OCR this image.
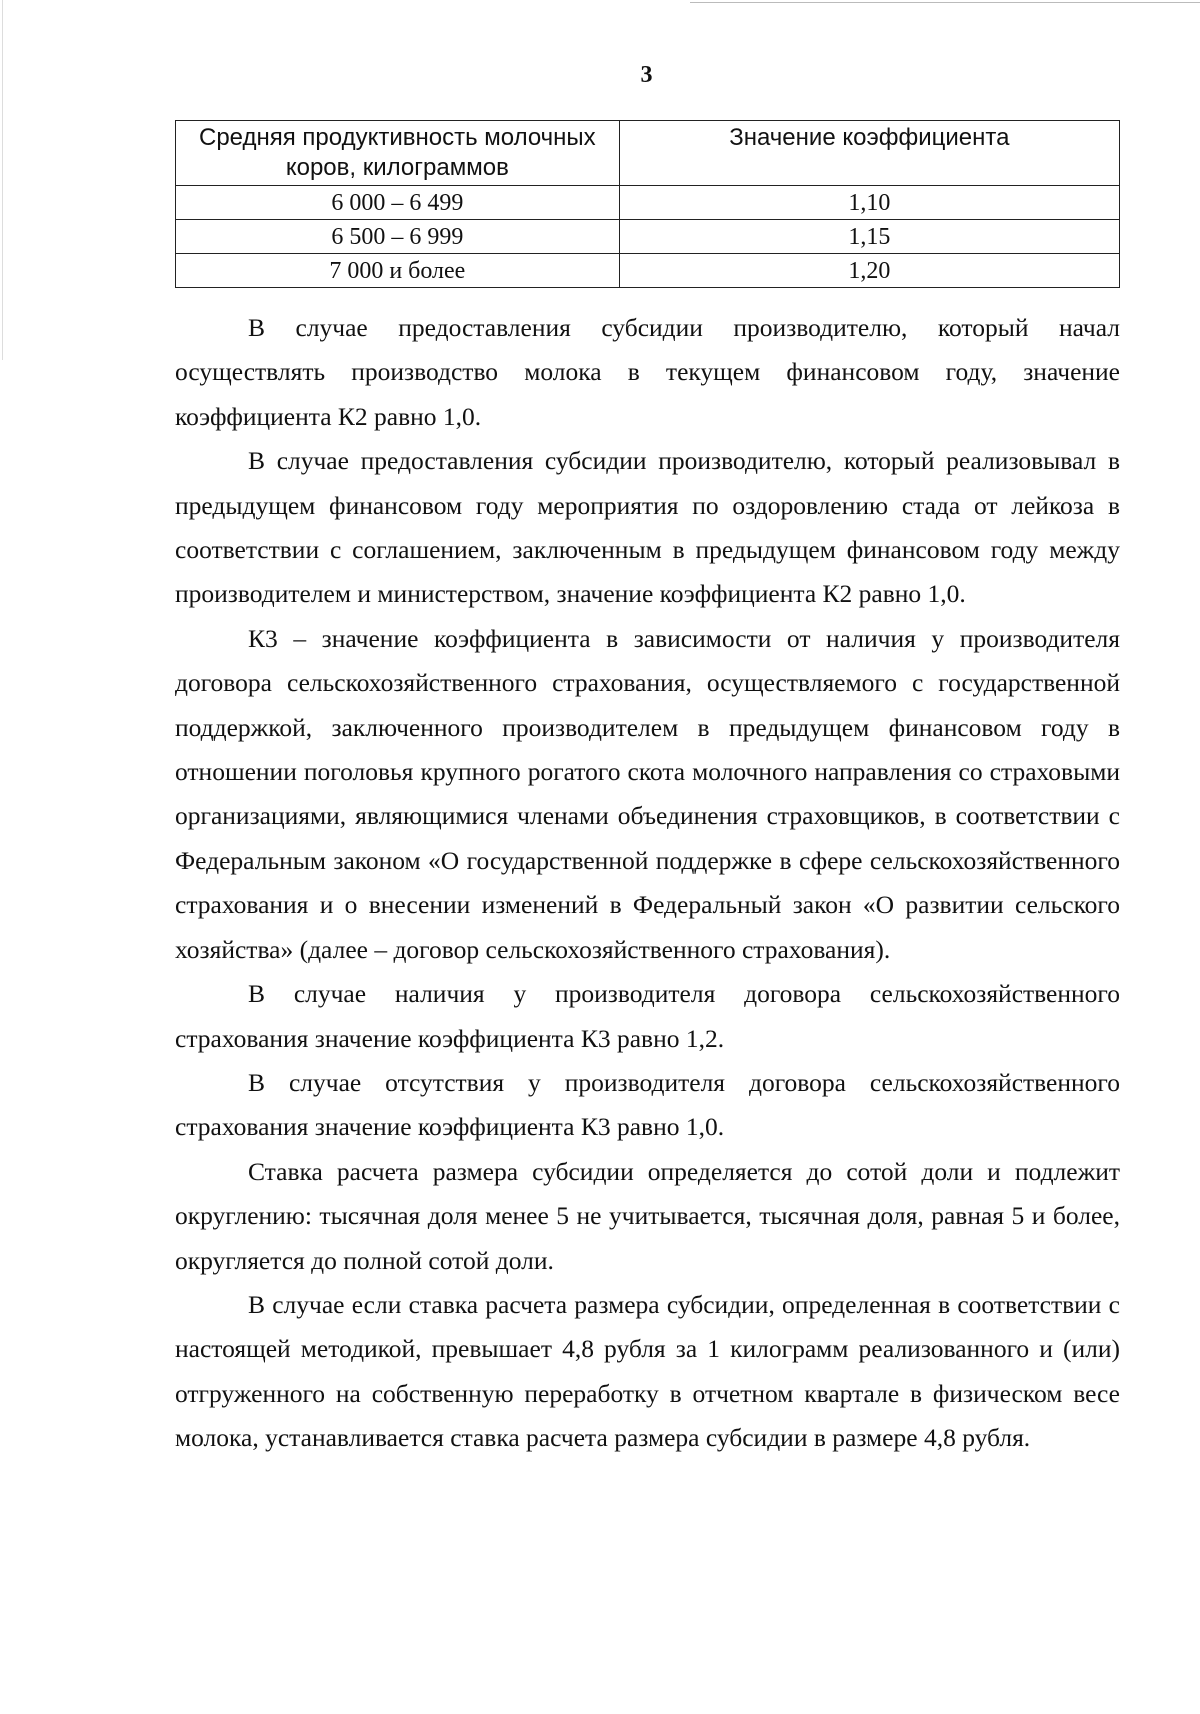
3
Средняя продуктивность молочных коров, килограммов	Значение коэффициента
6 000 – 6 499	1,10
6 500 – 6 999	1,15
7 000 и более	1,20

В случае предоставления субсидии производителю, который начал осуществлять производство молока в текущем финансовом году, значение коэффициента К2 равно 1,0.

В случае предоставления субсидии производителю, который реализовывал в предыдущем финансовом году мероприятия по оздоровлению стада от лейкоза в соответствии с соглашением, заключенным в предыдущем финансовом году между производителем и министерством, значение коэффициента К2 равно 1,0.

К3 – значение коэффициента в зависимости от наличия у производителя договора сельскохозяйственного страхования, осуществляемого с государственной поддержкой, заключенного производителем в предыдущем финансовом году в отношении поголовья крупного рогатого скота молочного направления со страховыми организациями, являющимися членами объединения страховщиков, в соответствии с Федеральным законом «О государственной поддержке в сфере сельскохозяйственного страхования и о внесении изменений в Федеральный закон «О развитии сельского хозяйства» (далее – договор сельскохозяйственного страхования).

В случае наличия у производителя договора сельскохозяйственного страхования значение коэффициента К3 равно 1,2.

В случае отсутствия у производителя договора сельскохозяйственного страхования значение коэффициента К3 равно 1,0.

Ставка расчета размера субсидии определяется до сотой доли и подлежит округлению: тысячная доля менее 5 не учитывается, тысячная доля, равная 5 и более, округляется до полной сотой доли.

В случае если ставка расчета размера субсидии, определенная в соответствии с настоящей методикой, превышает 4,8 рубля за 1 килограмм реализованного и (или) отгруженного на собственную переработку в отчетном квартале в физическом весе молока, устанавливается ставка расчета размера субсидии в размере 4,8 рубля.
